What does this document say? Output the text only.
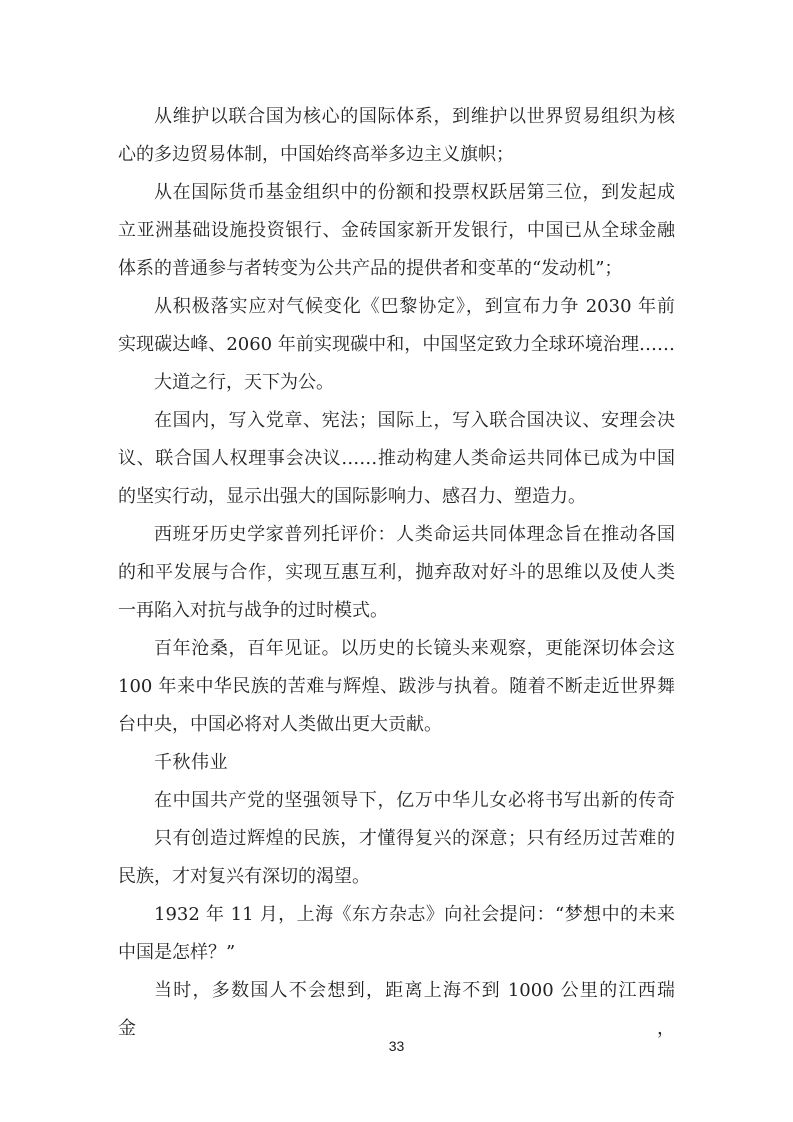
从维护以联合国为核心的国际体系，到维护以世界贸易组织为核
心的多边贸易体制，中国始终高举多边主义旗帜；
从在国际货币基金组织中的份额和投票权跃居第三位，到发起成
立亚洲基础设施投资银行、金砖国家新开发银行，中国已从全球金融
体系的普通参与者转变为公共产品的提供者和变革的“发动机”；
从积极落实应对气候变化《巴黎协定》，到宣布力争 2030 年前
实现碳达峰、2060 年前实现碳中和，中国坚定致力全球环境治理……
大道之行，天下为公。
在国内，写入党章、宪法；国际上，写入联合国决议、安理会决
议、联合国人权理事会决议……推动构建人类命运共同体已成为中国
的坚实行动，显示出强大的国际影响力、感召力、塑造力。
西班牙历史学家普列托评价：人类命运共同体理念旨在推动各国
的和平发展与合作，实现互惠互利，抛弃敌对好斗的思维以及使人类
一再陷入对抗与战争的过时模式。
百年沧桑，百年见证。以历史的长镜头来观察，更能深切体会这
100 年来中华民族的苦难与辉煌、跋涉与执着。随着不断走近世界舞
台中央，中国必将对人类做出更大贡献。
千秋伟业
在中国共产党的坚强领导下，亿万中华儿女必将书写出新的传奇
只有创造过辉煌的民族，才懂得复兴的深意；只有经历过苦难的
民族，才对复兴有深切的渴望。
1932 年 11 月，上海《东方杂志》向社会提问：“梦想中的未来
中国是怎样？”
当时，多数国人不会想到，距离上海不到 1000 公里的江西瑞金，
33
